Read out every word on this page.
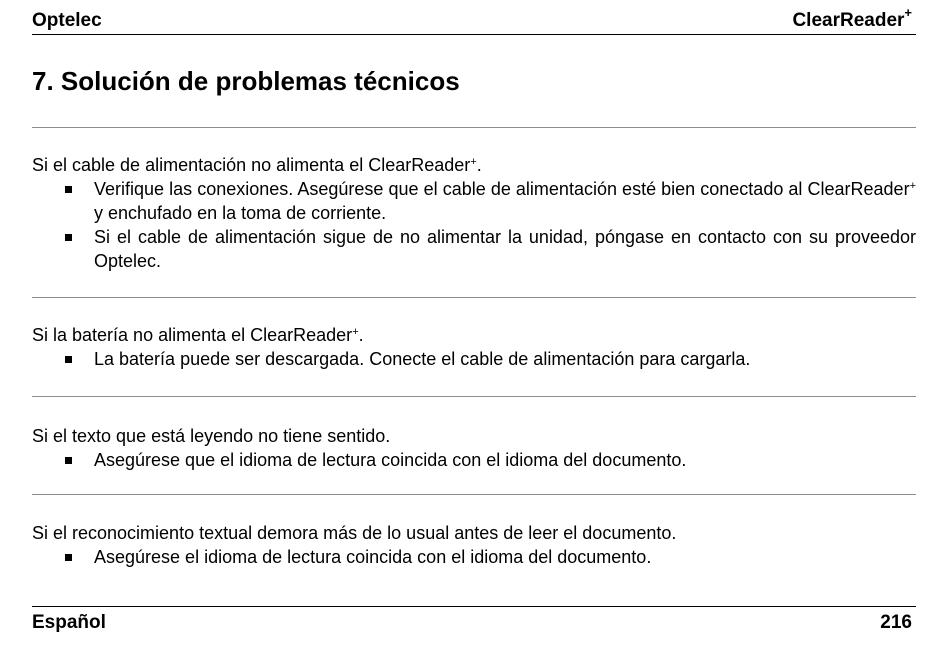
Optelec	ClearReader+
7. Solución de problemas técnicos

Si el cable de alimentación no alimenta el ClearReader+.

Verifique las conexiones. Asegúrese que el cable de alimentación esté bien conectado al ClearReader+ y enchufado en la toma de corriente.
Si el cable de alimentación sigue de no alimentar la unidad, póngase en contacto con su proveedor Optelec.

Si la batería no alimenta el ClearReader+.

La batería puede ser descargada. Conecte el cable de alimentación para cargarla.

Si el texto que está leyendo no tiene sentido.

Asegúrese que el idioma de lectura coincida con el idioma del documento.

Si el reconocimiento textual demora más de lo usual antes de leer el documento.

Asegúrese el idioma de lectura coincida con el idioma del documento.
Español	216
